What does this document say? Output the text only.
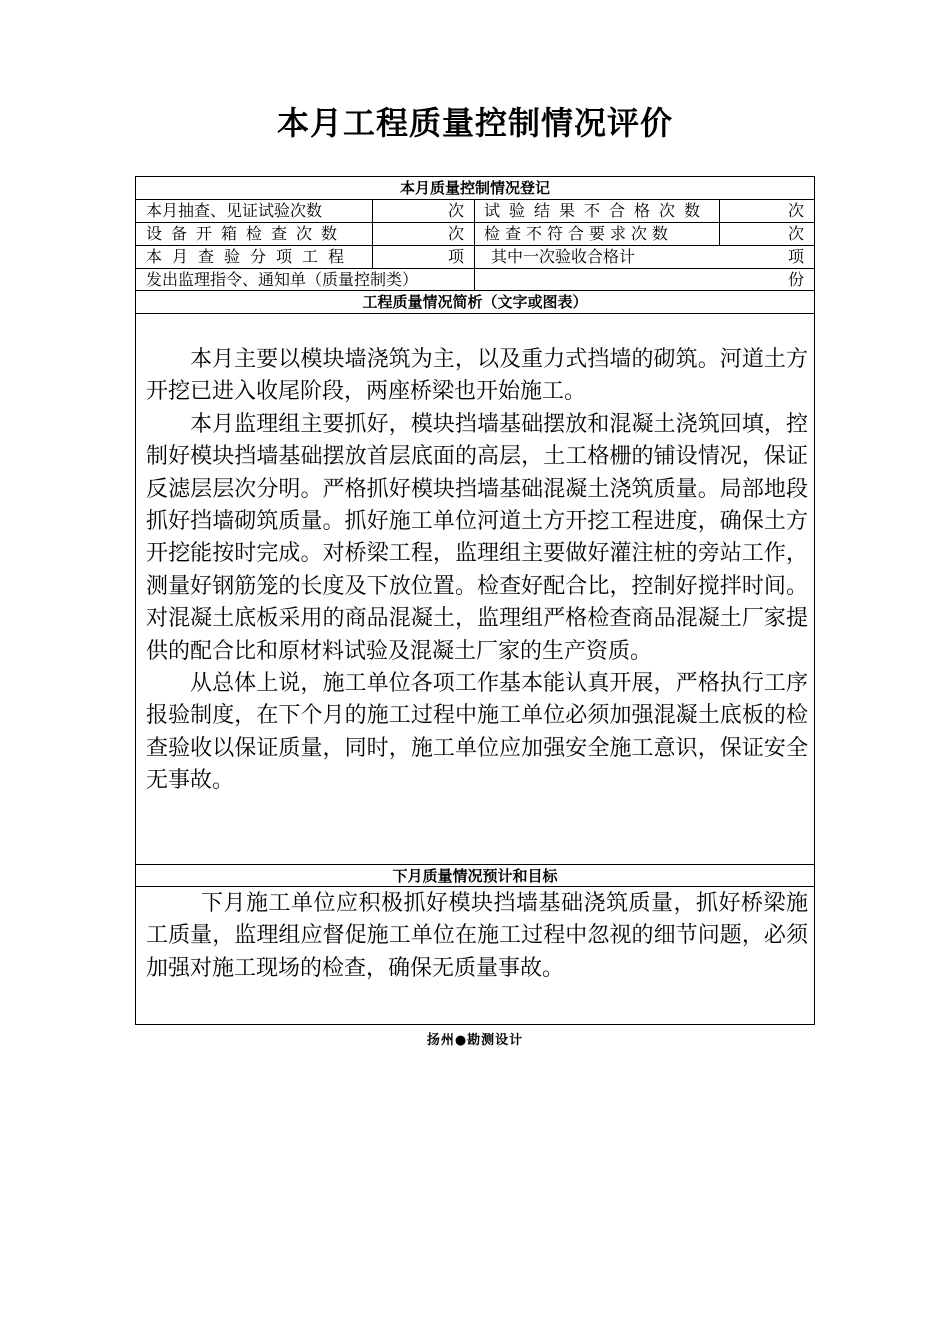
本月工程质量控制情况评价
本月质量控制情况登记
本月抽查、见证试验次数	次 试验结果不合格次数	次
设备开箱检查次数	次 检查不符合要求次数	次
本月查验分项工程	项 其中一次验收合格计	项
发出监理指令、通知单（质量控制类）	份
工程质量情况简析（文字或图表）

本月主要以模块墙浇筑为主，以及重力式挡墙的砌筑。河道土方开挖已进入收尾阶段，两座桥梁也开始施工。

本月监理组主要抓好，模块挡墙基础摆放和混凝土浇筑回填，控制好模块挡墙基础摆放首层底面的高层，土工格栅的铺设情况，保证反滤层层次分明。严格抓好模块挡墙基础混凝土浇筑质量。局部地段抓好挡墙砌筑质量。抓好施工单位河道土方开挖工程进度，确保土方开挖能按时完成。对桥梁工程，监理组主要做好灌注桩的旁站工作，测量好钢筋笼的长度及下放位置。检查好配合比，控制好搅拌时间。对混凝土底板采用的商品混凝土，监理组严格检查商品混凝土厂家提供的配合比和原材料试验及混凝土厂家的生产资质。

从总体上说，施工单位各项工作基本能认真开展，严格执行工序报验制度，在下个月的施工过程中施工单位必须加强混凝土底板的检查验收以保证质量，同时，施工单位应加强安全施工意识，保证安全无事故。

下月质量情况预计和目标
下月施工单位应积极抓好模块挡墙基础浇筑质量，抓好桥梁施工质量，监理组应督促施工单位在施工过程中忽视的细节问题，必须加强对施工现场的检查，确保无质量事故。
扬州●勘测设计
